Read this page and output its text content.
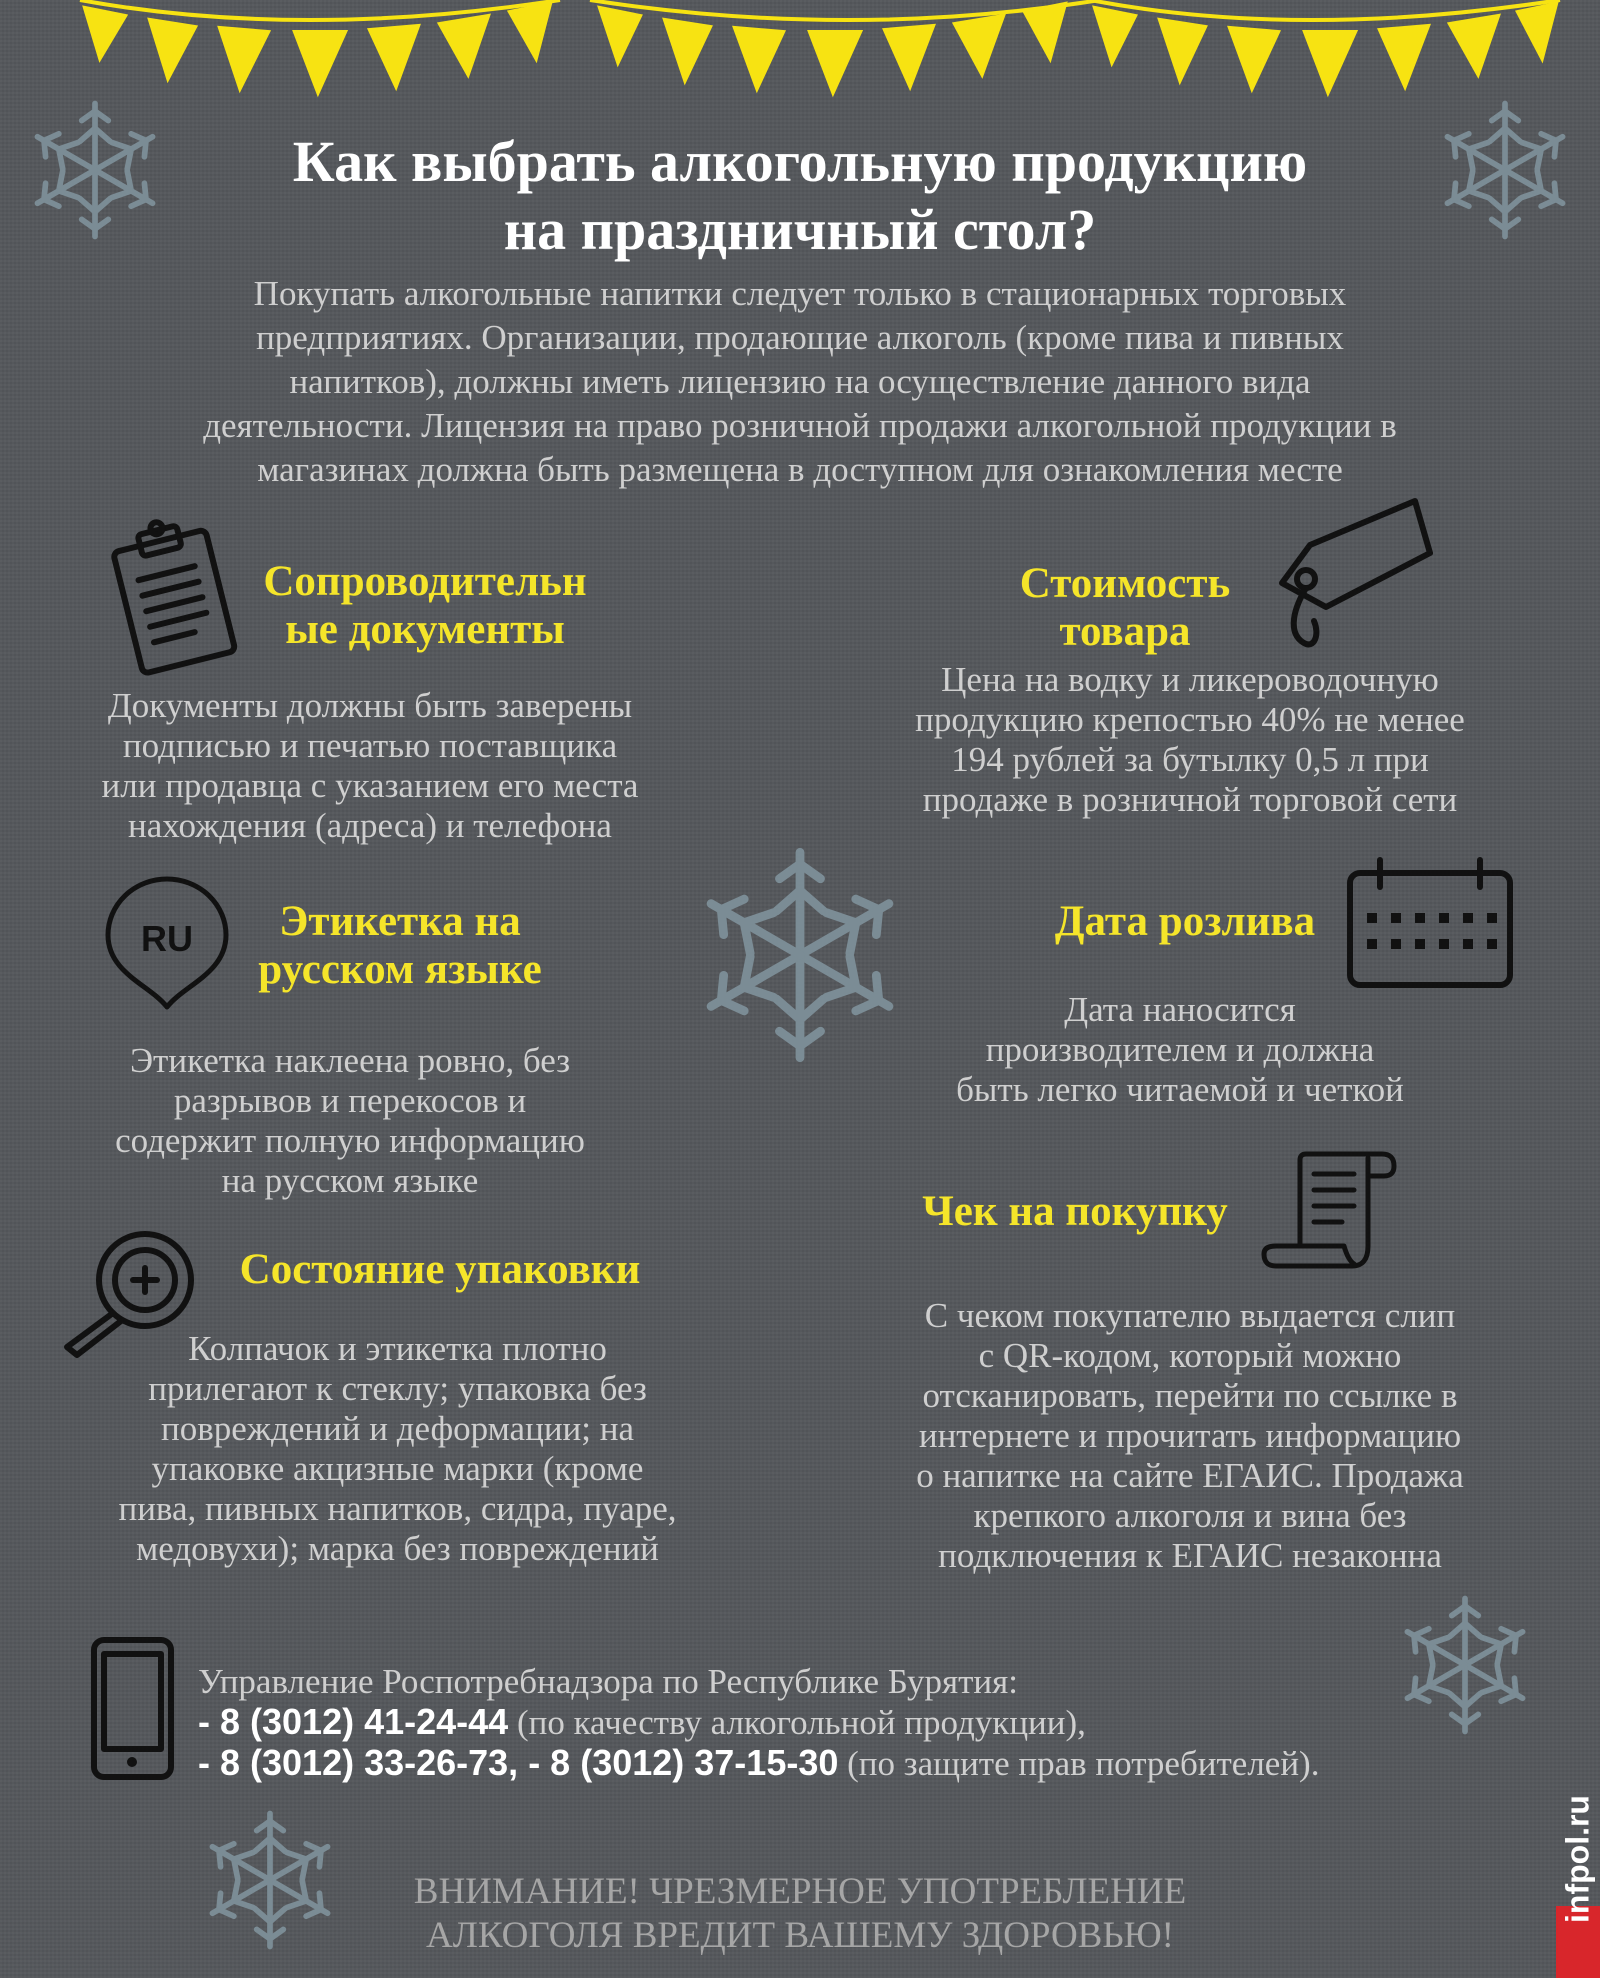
Как выбрать алкогольную продукцию
на праздничный стол?
Покупать алкогольные напитки следует только в стационарных торговых
предприятиях. Организации, продающие алкоголь (кроме пива и пивных
напитков), должны иметь лицензию на осуществление данного вида
деятельности. Лицензия на право розничной продажи алкогольной продукции в
магазинах должна быть размещена в доступном для ознакомления месте
Сопроводительн
ые документы
Документы должны быть заверены
подписью и печатью поставщика
или продавца с указанием его места
нахождения (адреса) и телефона
Стоимость
товара
Цена на водку и ликероводочную
продукцию крепостью 40% не менее
194 рублей за бутылку 0,5 л при
продаже в розничной торговой сети
RU	Этикетка на
русском языке
Этикетка наклеена ровно, без
разрывов и перекосов и
содержит полную информацию
на русском языке
Дата розлива
Дата наносится
производителем и должна
быть легко читаемой и четкой
Состояние упаковки
Колпачок и этикетка плотно
прилегают к стеклу; упаковка без
повреждений и деформации; на
упаковке акцизные марки (кроме
пива, пивных напитков, сидра, пуаре,
медовухи); марка без повреждений
Чек на покупку
С чеком покупателю выдается слип
с QR-кодом, который можно
отсканировать, перейти по ссылке в
интернете и прочитать информацию
о напитке на сайте ЕГАИС. Продажа
крепкого алкоголя и вина без
подключения к ЕГАИС незаконна
Управление Роспотребнадзора по Республике Бурятия:
- 8 (3012) 41-24-44 (по качеству алкогольной продукции),
- 8 (3012) 33-26-73, - 8 (3012) 37-15-30 (по защите прав потребителей).
ВНИМАНИЕ! ЧРЕЗМЕРНОЕ УПОТРЕБЛЕНИЕ
АЛКОГОЛЯ ВРЕДИТ ВАШЕМУ ЗДОРОВЬЮ!
infpol.ru
